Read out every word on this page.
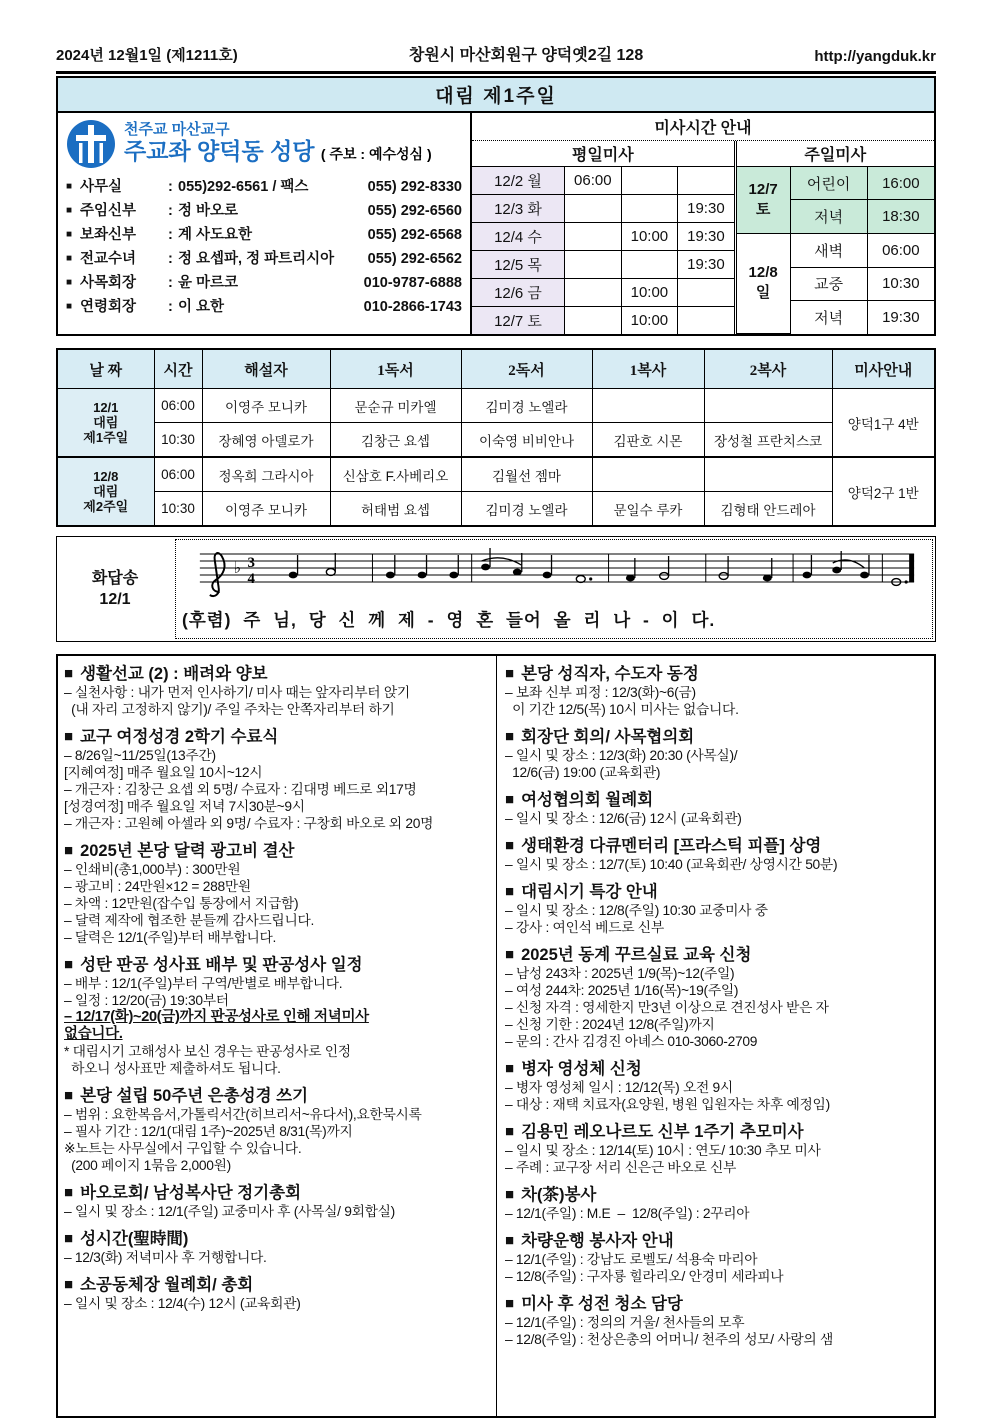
2024년 12월1일 (제1211호)	창원시 마산회원구 양덕옛2길 128	http://yangduk.kr
대림 제1주일
천주교 마산교구
주교좌 양덕동 성당 ( 주보 : 예수성심 )
■ 사무실	: 055)292-6561 / 팩스	055) 292-8330
■ 주임신부	: 정 바오로	055) 292-6560
■ 보좌신부	: 계 사도요한	055) 292-6568
■ 전교수녀	: 정 요셉파, 정 파트리시아	055) 292-6562
■ 사목회장	: 윤 마르코	010-9787-6888
■ 연령회장	: 이 요한	010-2866-1743
미사시간 안내
평일미사
12/2 월	06:00		
12/3 화			19:30
12/4 수		10:00	19:30
12/5 목			19:30
12/6 금		10:00	
12/7 토		10:00	
주일미사
12/7
토	어린이	16:00
	저녁	18:30

12/8
일	새벽	06:00
	교중	10:30
	저녁	19:30
날 짜	시간	해설자	1독서	2독서	1복사	2복사	미사안내

12/1
대림
제1주일	06:00	이영주 모니카	문순규 미카엘	김미경 노엘라			양덕1구 4반
	10:30	장혜영 아델로가	김창근 요셉	이숙영 비비안나	김판호 시몬	장성철 프란치스코	

12/8
대림
제2주일	06:00	정옥희 그라시아	신삼호 F.사베리오	김월선 젬마			양덕2구 1반
	10:30	이영주 모니카	허태범 요셉	김미경 노엘라	문일수 루카	김형태 안드레아	
화답송
12/1
♭ 3
4
(후렴) 주 님, 당 신 께 제 - 영 혼 들어 올 리 나 - 이 다.
■ 생활선교 (2) : 배려와 양보
– 실천사항 : 내가 먼저 인사하기/ 미사 때는 앞자리부터 앉기
(내 자리 고정하지 않기)/ 주일 주차는 안쪽자리부터 하기
■ 교구 여정성경 2학기 수료식
– 8/26일~11/25일(13주간)
[지혜여정] 매주 월요일 10시~12시
– 개근자 : 김창근 요셉 외 5명/ 수료자 : 김대명 베드로 외17명
[성경여정] 매주 월요일 저녁 7시30분~9시
– 개근자 : 고원혜 아셀라 외 9명/ 수료자 : 구창회 바오로 외 20명
■ 2025년 본당 달력 광고비 결산
– 인쇄비(총1,000부) : 300만원
– 광고비 : 24만원×12 = 288만원
– 차액 : 12만원(잡수입 통장에서 지급함)
– 달력 제작에 협조한 분들께 감사드립니다.
– 달력은 12/1(주일)부터 배부합니다.
■ 성탄 판공 성사표 배부 및 판공성사 일정
– 배부 : 12/1(주일)부터 구역/반별로 배부합니다.
– 일정 : 12/20(금) 19:30부터
– 12/17(화)~20(금)까지 판공성사로 인해 저녁미사
없습니다.
* 대림시기 고해성사 보신 경우는 판공성사로 인정
하오니 성사표만 제출하셔도 됩니다.
■ 본당 설립 50주년 은총성경 쓰기
– 범위 : 요한복음서,가톨릭서간(히브리서~유다서),요한묵시록
– 필사 기간 : 12/1(대림 1주)~2025년 8/31(목)까지
※노트는 사무실에서 구입할 수 있습니다.
(200 페이지 1묶음 2,000원)
■ 바오로회/ 남성복사단 정기총회
– 일시 및 장소 : 12/1(주일) 교중미사 후 (사목실/ 9회합실)
■ 성시간(聖時間)
– 12/3(화) 저녁미사 후 거행합니다.
■ 소공동체장 월례회/ 총회
– 일시 및 장소 : 12/4(수) 12시 (교육회관)
■ 본당 성직자, 수도자 동정
– 보좌 신부 피정 : 12/3(화)~6(금)
이 기간 12/5(목) 10시 미사는 없습니다.
■ 회장단 회의/ 사목협의회
– 일시 및 장소 : 12/3(화) 20:30 (사목실)/
12/6(금) 19:00 (교육회관)
■ 여성협의회 월례회
– 일시 및 장소 : 12/6(금) 12시 (교육회관)
■ 생태환경 다큐멘터리 [프라스틱 피플] 상영
– 일시 및 장소 : 12/7(토) 10:40 (교육회관/ 상영시간 50분)
■ 대림시기 특강 안내
– 일시 및 장소 : 12/8(주일) 10:30 교중미사 중
– 강사 : 여인석 베드로 신부
■ 2025년 동계 꾸르실료 교육 신청
– 남성 243차 : 2025년 1/9(목)~12(주일)
– 여성 244차: 2025년 1/16(목)~19(주일)
– 신청 자격 : 영세한지 만3년 이상으로 견진성사 받은 자
– 신청 기한 : 2024년 12/8(주일)까지
– 문의 : 간사 김경진 아녜스 010-3060-2709
■ 병자 영성체 신청
– 병자 영성체 일시 : 12/12(목) 오전 9시
– 대상 : 재택 치료자(요양원, 병원 입원자는 차후 예정임)
■ 김용민 레오나르도 신부 1주기 추모미사
– 일시 및 장소 : 12/14(토) 10시 : 연도/ 10:30 추모 미사
– 주례 : 교구장 서리 신은근 바오로 신부
■ 차(茶)봉사
– 12/1(주일) : M.E  –  12/8(주일) : 2꾸리아
■ 차량운행 봉사자 안내
– 12/1(주일) : 강남도 로벨도/ 석용숙 마리아
– 12/8(주일) : 구자룡 힐라리오/ 안경미 세라피나
■ 미사 후 성전 청소 담당
– 12/1(주일) : 정의의 거울/ 천사들의 모후
– 12/8(주일) : 천상은총의 어머니/ 천주의 성모/ 사랑의 샘
